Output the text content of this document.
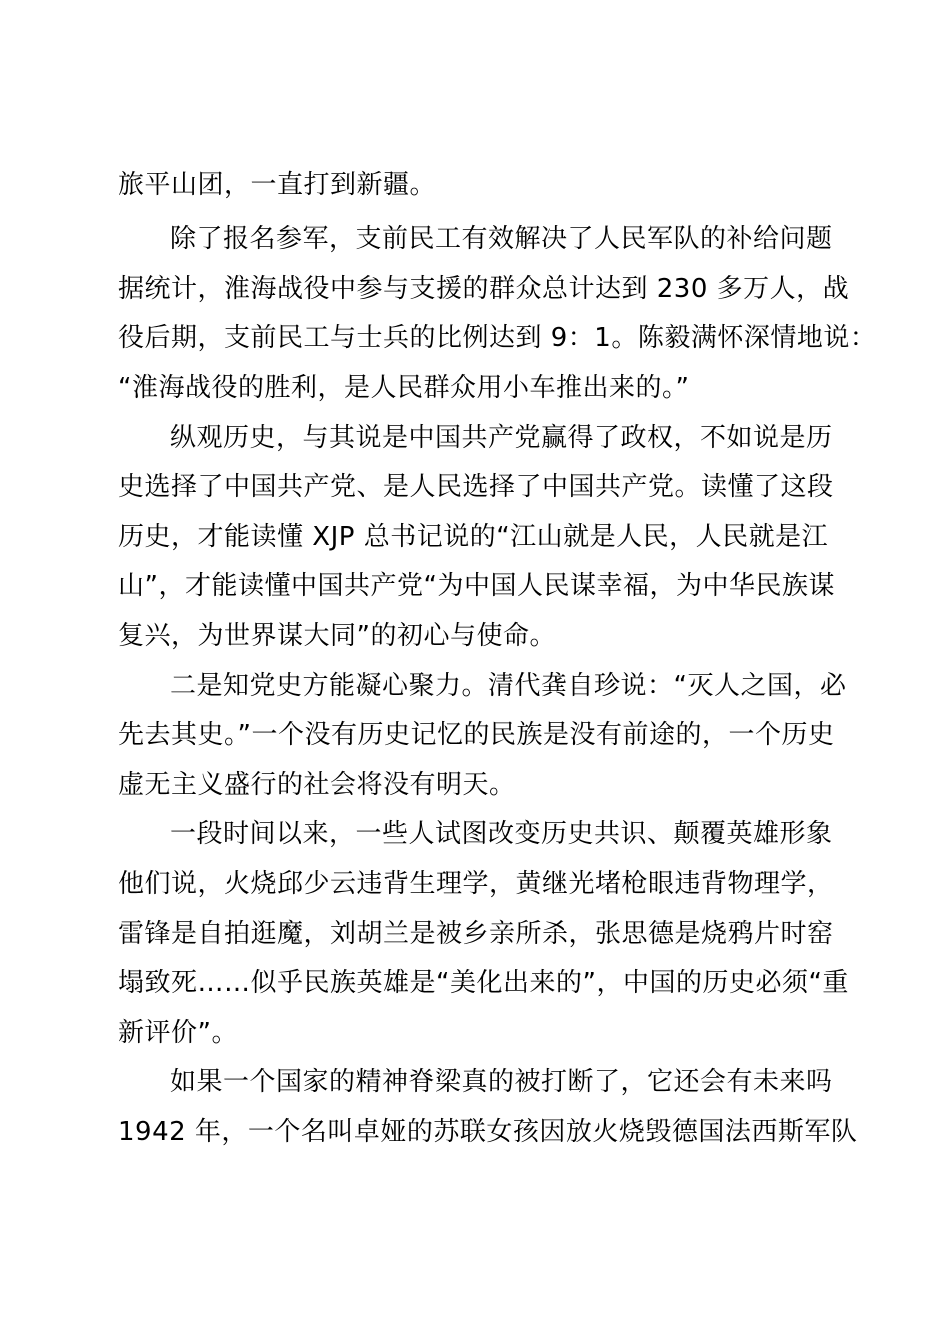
旅平山团，一直打到新疆。
除了报名参军，支前民工有效解决了人民军队的补给问题
据统计，淮海战役中参与支援的群众总计达到 230 多万人，战
役后期，支前民工与士兵的比例达到 9：1。陈毅满怀深情地说：
“淮海战役的胜利，是人民群众用小车推出来的。”
纵观历史，与其说是中国共产党赢得了政权，不如说是历
史选择了中国共产党、是人民选择了中国共产党。读懂了这段
历史，才能读懂 XJP 总书记说的“江山就是人民，人民就是江
山”，才能读懂中国共产党“为中国人民谋幸福，为中华民族谋
复兴，为世界谋大同”的初心与使命。
二是知党史方能凝心聚力。清代龚自珍说：“灭人之国，必
先去其史。”一个没有历史记忆的民族是没有前途的，一个历史
虚无主义盛行的社会将没有明天。
一段时间以来，一些人试图改变历史共识、颠覆英雄形象
他们说，火烧邱少云违背生理学，黄继光堵枪眼违背物理学，
雷锋是自拍逛魔，刘胡兰是被乡亲所杀，张思德是烧鸦片时窑
塌致死……似乎民族英雄是“美化出来的”，中国的历史必须“重
新评价”。
如果一个国家的精神脊梁真的被打断了，它还会有未来吗
1942 年，一个名叫卓娅的苏联女孩因放火烧毁德国法西斯军队
